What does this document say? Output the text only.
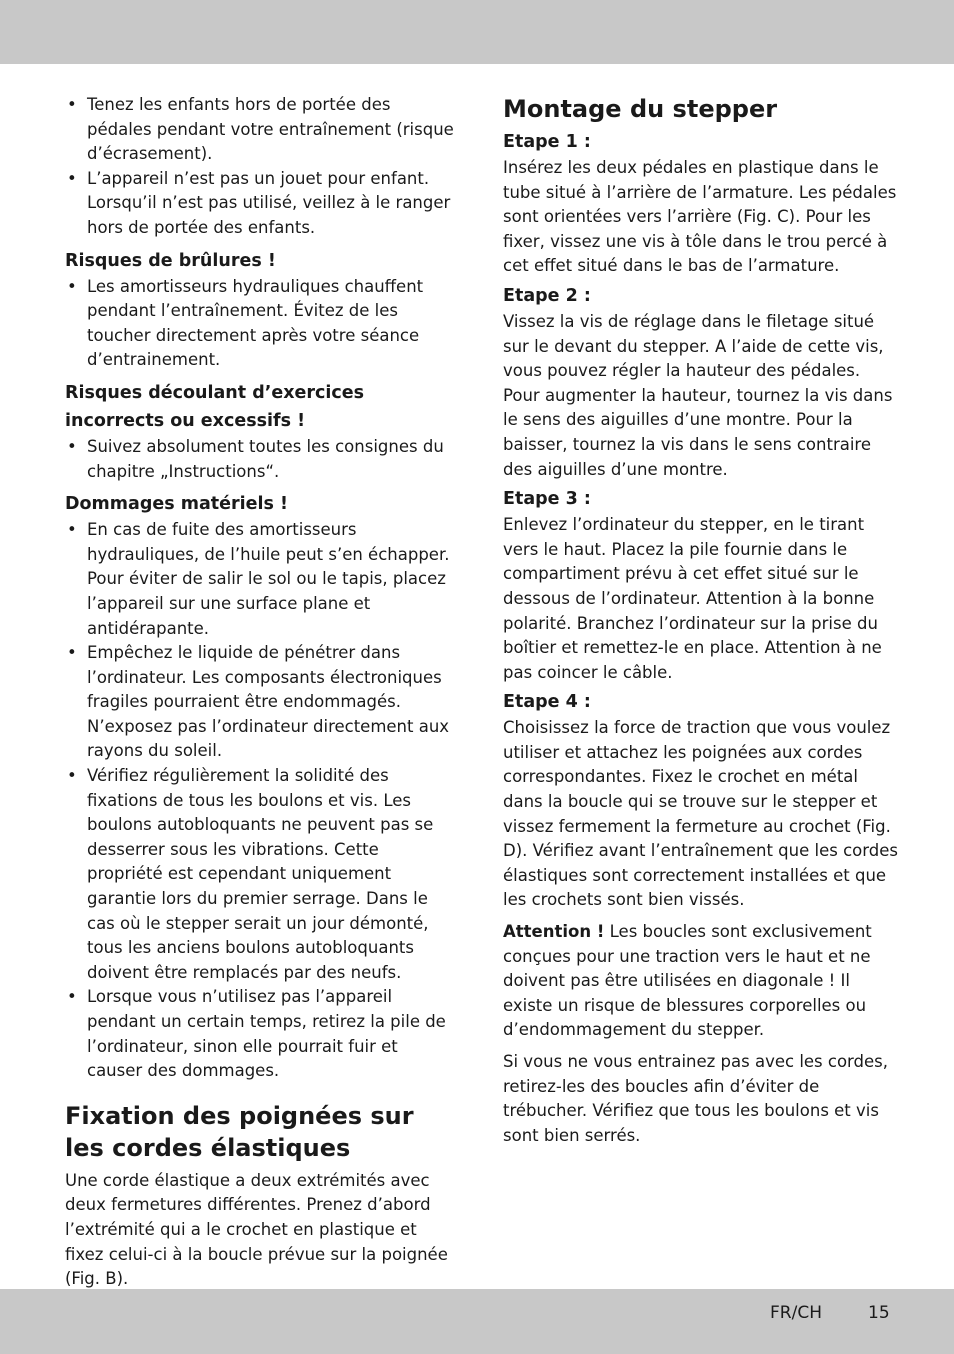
• Tenez les enfants hors de portée des pédales pendant votre entraînement (risque d’écrasement).
• L’appareil n’est pas un jouet pour enfant. Lorsqu’il n’est pas utilisé, veillez à le ranger hors de portée des enfants.
Risques de brûlures !
• Les amortisseurs hydrauliques chauffent pendant l’entraînement. Évitez de les toucher directement après votre séance d’entrainement.
Risques découlant d’exercices incorrects ou excessifs !
• Suivez absolument toutes les consignes du chapitre „Instructions“.
Dommages matériels !
• En cas de fuite des amortisseurs hydrauliques, de l’huile peut s’en échapper. Pour éviter de salir le sol ou le tapis, placez l’appareil sur une surface plane et antidérapante.
• Empêchez le liquide de pénétrer dans l’ordinateur. Les composants électroniques fragiles pourraient être endommagés. N’exposez pas l’ordinateur directement aux rayons du soleil.
• Vérifiez régulièrement la solidité des fixations de tous les boulons et vis. Les boulons autobloquants ne peuvent pas se desserrer sous les vibrations. Cette propriété est cependant uniquement garantie lors du premier serrage. Dans le cas où le stepper serait un jour démonté, tous les anciens boulons autobloquants doivent être remplacés par des neufs.
• Lorsque vous n’utilisez pas l’appareil pendant un certain temps, retirez la pile de l’ordinateur, sinon elle pourrait fuir et causer des dommages.
Fixation des poignées sur les cordes élastiques

Une corde élastique a deux extrémités avec deux fermetures différentes. Prenez d’abord l’extrémité qui a le crochet en plastique et fixez celui-ci à la boucle prévue sur la poignée (Fig. B).

Montage du stepper
Etape 1 :

Insérez les deux pédales en plastique dans le tube situé à l’arrière de l’armature. Les pédales sont orientées vers l’arrière (Fig. C). Pour les fixer, vissez une vis à tôle dans le trou percé à cet effet situé dans le bas de l’armature.

Etape 2 :

Vissez la vis de réglage dans le filetage situé sur le devant du stepper. A l’aide de cette vis, vous pouvez régler la hauteur des pédales. Pour augmenter la hauteur, tournez la vis dans le sens des aiguilles d’une montre. Pour la baisser, tournez la vis dans le sens contraire des aiguilles d’une montre.

Etape 3 :

Enlevez l’ordinateur du stepper, en le tirant vers le haut. Placez la pile fournie dans le compartiment prévu à cet effet situé sur le dessous de l’ordinateur. Attention à la bonne polarité. Branchez l’ordinateur sur la prise du boîtier et remettez-le en place. Attention à ne pas coincer le câble.

Etape 4 :

Choisissez la force de traction que vous voulez utiliser et attachez les poignées aux cordes correspondantes. Fixez le crochet en métal dans la boucle qui se trouve sur le stepper et vissez fermement la fermeture au crochet (Fig. D). Vérifiez avant l’entraînement que les cordes élastiques sont correctement installées et que les crochets sont bien vissés.

Attention ! Les boucles sont exclusivement conçues pour une traction vers le haut et ne doivent pas être utilisées en diagonale ! Il existe un risque de blessures corporelles ou d’endommagement du stepper.

Si vous ne vous entrainez pas avec les cordes, retirez-les des boucles afin d’éviter de trébucher. Vérifiez que tous les boulons et vis sont bien serrés.

FR/CH	15
